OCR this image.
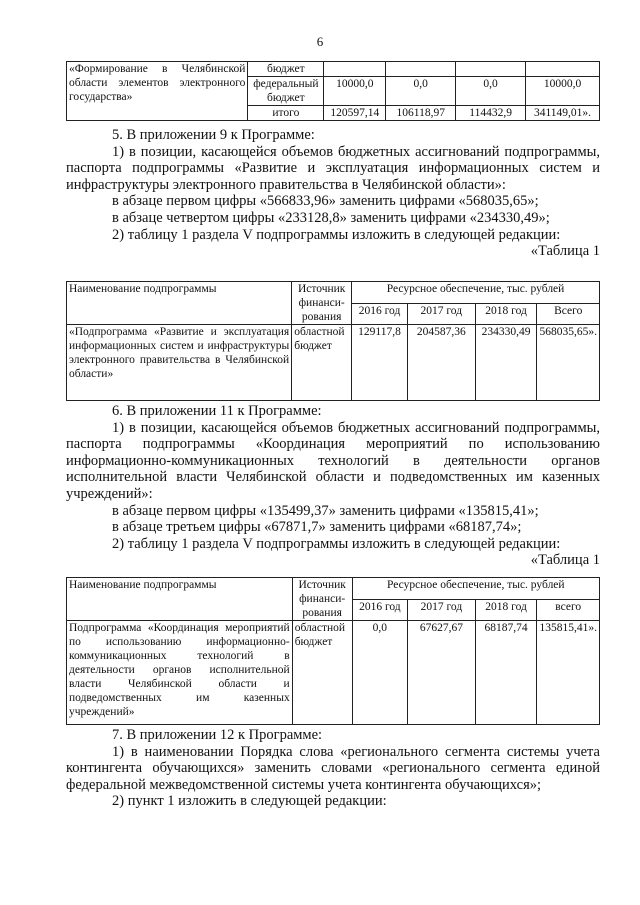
6
«Формирование в Челябинской области элементов электронного государства»	бюджет				
	федеральный бюджет	10000,0	0,0	0,0	10000,0
	итого	120597,14	106118,97	114432,9	341149,01».

5. В приложении 9 к Программе:

1) в позиции, касающейся объемов бюджетных ассигнований подпрограммы, паспорта подпрограммы «Развитие и эксплуатация информационных систем и инфраструктуры электронного правительства в Челябинской области»:

в абзаце первом цифры «566833,96» заменить цифрами «568035,65»;

в абзаце четвертом цифры «233128,8» заменить цифрами «234330,49»;

2) таблицу 1 раздела V подпрограммы изложить в следующей редакции:

«Таблица 1

Наименование подпрограммы	Источник финанси-рования	Ресурсное обеспечение, тыс. рублей			
		2016 год	2017 год	2018 год	Всего
«Подпрограмма «Развитие и эксплуатация информационных систем и инфраструктуры электронного правительства в Челябинской области»	областной бюджет	129117,8	204587,36	234330,49	568035,65».

6. В приложении 11 к Программе:

1) в позиции, касающейся объемов бюджетных ассигнований подпрограммы, паспорта подпрограммы «Координация мероприятий по использованию информационно-коммуникационных технологий в деятельности органов исполнительной власти Челябинской области и подведомственных им казенных учреждений»:

в абзаце первом цифры «135499,37» заменить цифрами «135815,41»;

в абзаце третьем цифры «67871,7» заменить цифрами «68187,74»;

2) таблицу 1 раздела V подпрограммы изложить в следующей редакции:

«Таблица 1

Наименование подпрограммы	Источник финанси-рования	Ресурсное обеспечение, тыс. рублей			
		2016 год	2017 год	2018 год	всего
Подпрограмма «Координация мероприятий по использованию информационно-коммуникационных технологий в деятельности органов исполнительной власти Челябинской области и подведомственных им казенных учреждений»	областной бюджет	0,0	67627,67	68187,74	135815,41».

7. В приложении 12 к Программе:

1) в наименовании Порядка слова «регионального сегмента системы учета контингента обучающихся» заменить словами «регионального сегмента единой федеральной межведомственной системы учета контингента обучающихся»;

2) пункт 1 изложить в следующей редакции:
